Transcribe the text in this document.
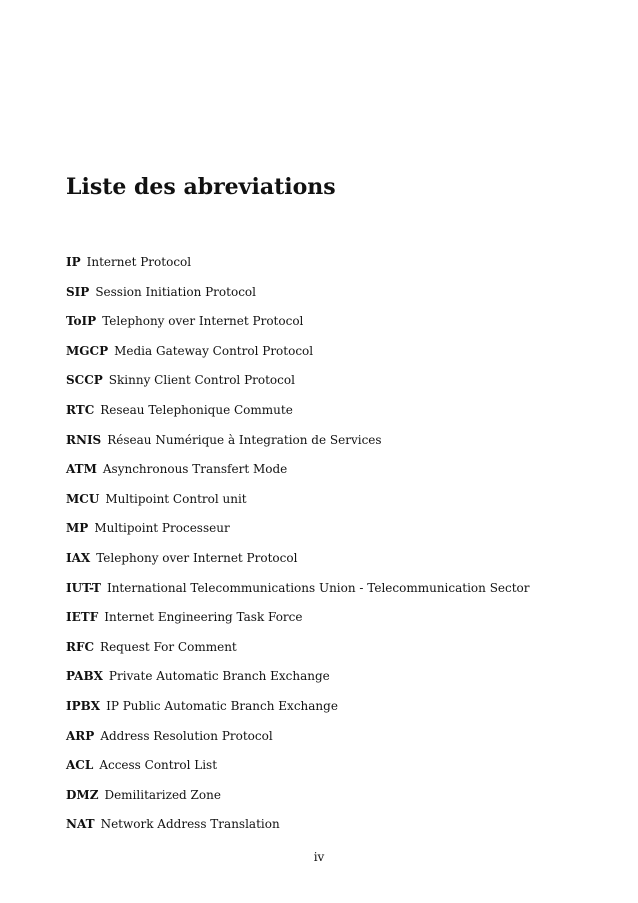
Liste des abreviations
IP Internet Protocol
SIP Session Initiation Protocol
ToIP Telephony over Internet Protocol
MGCP Media Gateway Control Protocol
SCCP Skinny Client Control Protocol
RTC Reseau Telephonique Commute
RNIS Réseau Numérique à Integration de Services
ATM Asynchronous Transfert Mode
MCU Multipoint Control unit
MP Multipoint Processeur
IAX Telephony over Internet Protocol
IUT-T International Telecommunications Union - Telecommunication Sector
IETF Internet Engineering Task Force
RFC Request For Comment
PABX Private Automatic Branch Exchange
IPBX IP Public Automatic Branch Exchange
ARP Address Resolution Protocol
ACL Access Control List
DMZ Demilitarized Zone
NAT Network Address Translation
iv
